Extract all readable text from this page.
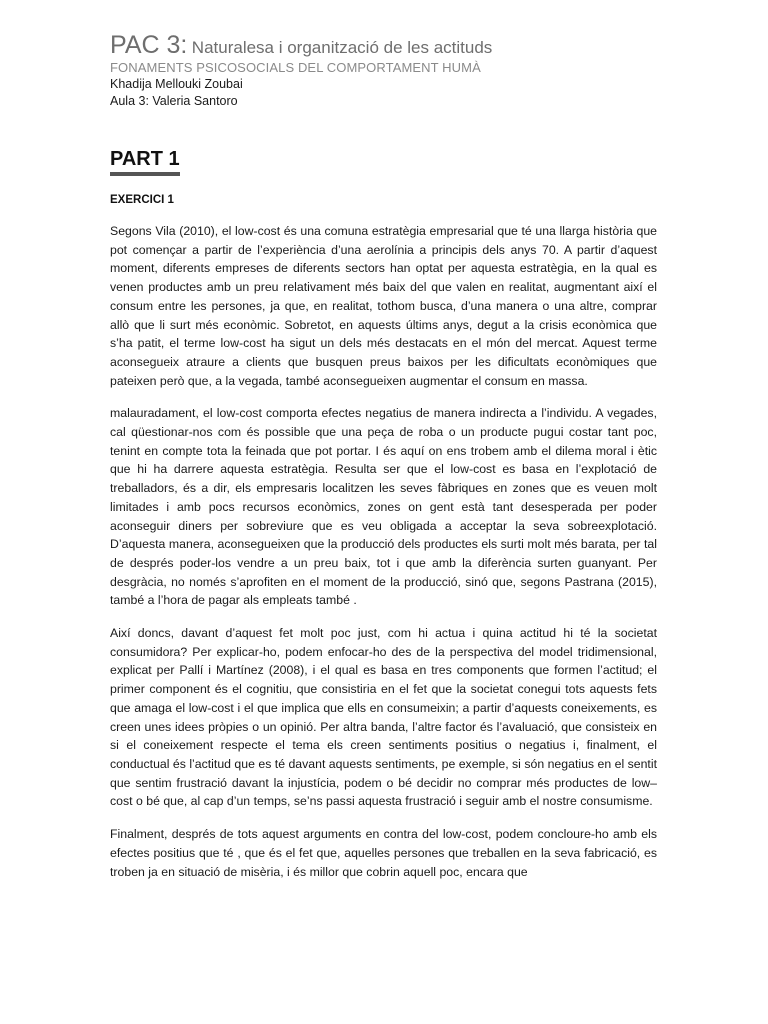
PAC 3: Naturalesa i organització de les actituds

FONAMENTS PSICOSOCIALS DEL COMPORTAMENT HUMÀ

Khadija Mellouki Zoubai

Aula 3: Valeria Santoro

PART 1
EXERCICI 1

Segons Vila (2010), el low-cost és una comuna estratègia empresarial que té una llarga història que pot començar a partir de l’experiència d’una aerolínia a principis dels anys 70. A partir d’aquest moment, diferents empreses de diferents sectors han optat per aquesta estratègia, en la qual es venen productes amb un preu relativament més baix del que valen en realitat, augmentant així el consum entre les persones, ja que, en realitat, tothom busca, d’una manera o una altre, comprar allò que li surt més econòmic. Sobretot, en aquests últims anys, degut a la crisis econòmica que s’ha patit, el terme low-cost ha sigut un dels més destacats en el món del mercat. Aquest terme aconsegueix atraure a clients que busquen preus baixos per les dificultats econòmiques que pateixen però que, a la vegada, també aconsegueixen augmentar el consum en massa.

malauradament, el low-cost comporta efectes negatius de manera indirecta a l’individu. A vegades, cal qüestionar-nos com és possible que una peça de roba o un producte pugui costar tant poc, tenint en compte tota la feinada que pot portar. I és aquí on ens trobem amb el dilema moral i ètic que hi ha darrere aquesta estratègia. Resulta ser que el low-cost es basa en l’explotació de treballadors, és a dir, els empresaris localitzen les seves fàbriques en zones que es veuen molt limitades i amb pocs recursos econòmics, zones on gent està tant desesperada per poder aconseguir diners per sobreviure que es veu obligada a acceptar la seva sobreexplotació. D’aquesta manera, aconsegueixen que la producció dels productes els surti molt més barata, per tal de després poder-los vendre a un preu baix, tot i que amb la diferència surten guanyant. Per desgràcia, no només s’aprofiten en el moment de la producció, sinó que, segons Pastrana (2015), també a l’hora de pagar als empleats també .

Així doncs, davant d’aquest fet molt poc just, com hi actua i quina actitud hi té la societat consumidora? Per explicar-ho, podem enfocar-ho des de la perspectiva del model tridimensional, explicat per Pallí i Martínez (2008), i el qual es basa en tres components que formen l’actitud; el primer component és el cognitiu, que consistiria en el fet que la societat conegui tots aquests fets que amaga el low-cost i el que implica que ells en consumeixin; a partir d’aquests coneixements, es creen unes idees pròpies o un opinió. Per altra banda, l’altre factor és l’avaluació, que consisteix en si el coneixement respecte el tema els creen sentiments positius o negatius i, finalment, el conductual és l’actitud que es té davant aquests sentiments, pe exemple, si són negatius en el sentit que sentim frustració davant la injustícia, podem o bé decidir no comprar més productes de low–cost o bé que, al cap d’un temps, se’ns passi aquesta frustració i seguir amb el nostre consumisme.

Finalment, després de tots aquest arguments en contra del low-cost, podem concloure-ho amb els efectes positius que té , que és el fet que, aquelles persones que treballen en la seva fabricació, es troben ja en situació de misèria, i és millor que cobrin aquell poc, encara que
